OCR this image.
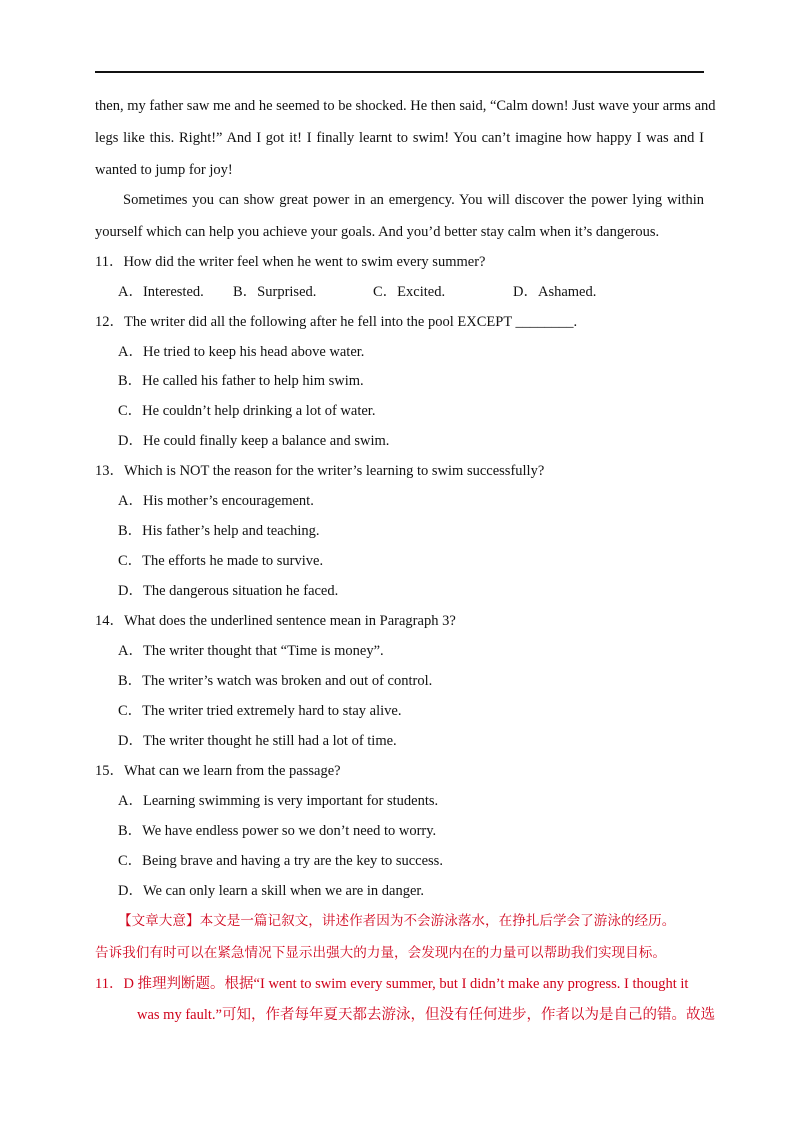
then, my father saw me and he seemed to be shocked. He then said, “Calm down! Just wave your arms and
legs like this. Right!” And I got it! I finally learnt to swim! You can’t imagine how happy I was and I
wanted to jump for joy!
Sometimes you can show great power in an emergency. You will discover the power lying within
yourself which can help you achieve your goals. And you’d better stay calm when it’s dangerous.
11．How did the writer feel when he went to swim every summer?
A．Interested. B．Surprised.	C．Excited.	D．Ashamed.
12．The writer did all the following after he fell into the pool EXCEPT ________.
A．He tried to keep his head above water.
B．He called his father to help him swim.
C．He couldn’t help drinking a lot of water.
D．He could finally keep a balance and swim.
13．Which is NOT the reason for the writer’s learning to swim successfully?
A．His mother’s encouragement.
B．His father’s help and teaching.
C．The efforts he made to survive.
D．The dangerous situation he faced.
14．What does the underlined sentence mean in Paragraph 3?
A．The writer thought that “Time is money”.
B．The writer’s watch was broken and out of control.
C．The writer tried extremely hard to stay alive.
D．The writer thought he still had a lot of time.
15．What can we learn from the passage?
A．Learning swimming is very important for students.
B．We have endless power so we don’t need to worry.
C．Being brave and having a try are the key to success.
D．We can only learn a skill when we are in danger.
【文章大意】本文是一篇记叙文，讲述作者因为不会游泳落水，在挣扎后学会了游泳的经历。
告诉我们有时可以在紧急情况下显示出强大的力量，会发现内在的力量可以帮助我们实现目标。
11．D 推理判断题。根据“I went to swim every summer, but I didn’t make any progress. I thought it
was my fault.”可知，作者每年夏天都去游泳，但没有任何进步，作者以为是自己的错。故选
